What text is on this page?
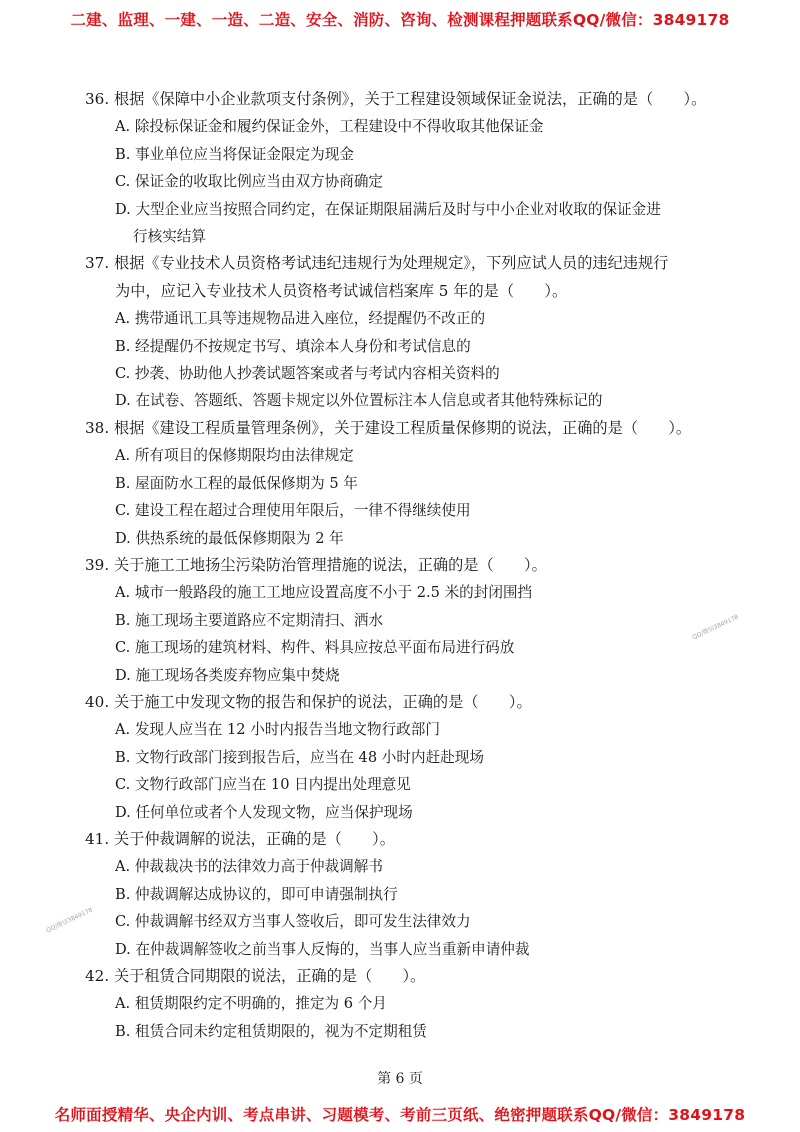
二建、监理、一建、一造、二造、安全、消防、咨询、检测课程押题联系QQ/微信：3849178
36. 根据《保障中小企业款项支付条例》，关于工程建设领域保证金说法，正确的是（　　）。
A. 除投标保证金和履约保证金外，工程建设中不得收取其他保证金
B. 事业单位应当将保证金限定为现金
C. 保证金的收取比例应当由双方协商确定
D. 大型企业应当按照合同约定，在保证期限届满后及时与中小企业对收取的保证金进
行核实结算
37. 根据《专业技术人员资格考试违纪违规行为处理规定》，下列应试人员的违纪违规行
为中，应记入专业技术人员资格考试诚信档案库 5 年的是（　　）。
A. 携带通讯工具等违规物品进入座位，经提醒仍不改正的
B. 经提醒仍不按规定书写、填涂本人身份和考试信息的
C. 抄袭、协助他人抄袭试题答案或者与考试内容相关资料的
D. 在试卷、答题纸、答题卡规定以外位置标注本人信息或者其他特殊标记的
38. 根据《建设工程质量管理条例》，关于建设工程质量保修期的说法，正确的是（　　）。
A. 所有项目的保修期限均由法律规定
B. 屋面防水工程的最低保修期为 5 年
C. 建设工程在超过合理使用年限后，一律不得继续使用
D. 供热系统的最低保修期限为 2 年
39. 关于施工工地扬尘污染防治管理措施的说法，正确的是（　　）。
A. 城市一般路段的施工工地应设置高度不小于 2.5 米的封闭围挡
B. 施工现场主要道路应不定期清扫、洒水
C. 施工现场的建筑材料、构件、料具应按总平面布局进行码放
D. 施工现场各类废弃物应集中焚烧
40. 关于施工中发现文物的报告和保护的说法，正确的是（　　）。
A. 发现人应当在 12 小时内报告当地文物行政部门
B. 文物行政部门接到报告后，应当在 48 小时内赶赴现场
C. 文物行政部门应当在 10 日内提出处理意见
D. 任何单位或者个人发现文物，应当保护现场
41. 关于仲裁调解的说法，正确的是（　　）。
A. 仲裁裁决书的法律效力高于仲裁调解书
B. 仲裁调解达成协议的，即可申请强制执行
C. 仲裁调解书经双方当事人签收后，即可发生法律效力
D. 在仲裁调解签收之前当事人反悔的，当事人应当重新申请仲裁
42. 关于租赁合同期限的说法，正确的是（　　）。
A. 租赁期限约定不明确的，推定为 6 个月
B. 租赁合同未约定租赁期限的，视为不定期租赁
QQ/微信3849178
QQ/微信3849178
第 6 页
名师面授精华、央企内训、考点串讲、习题模考、考前三页纸、绝密押题联系QQ/微信：3849178
